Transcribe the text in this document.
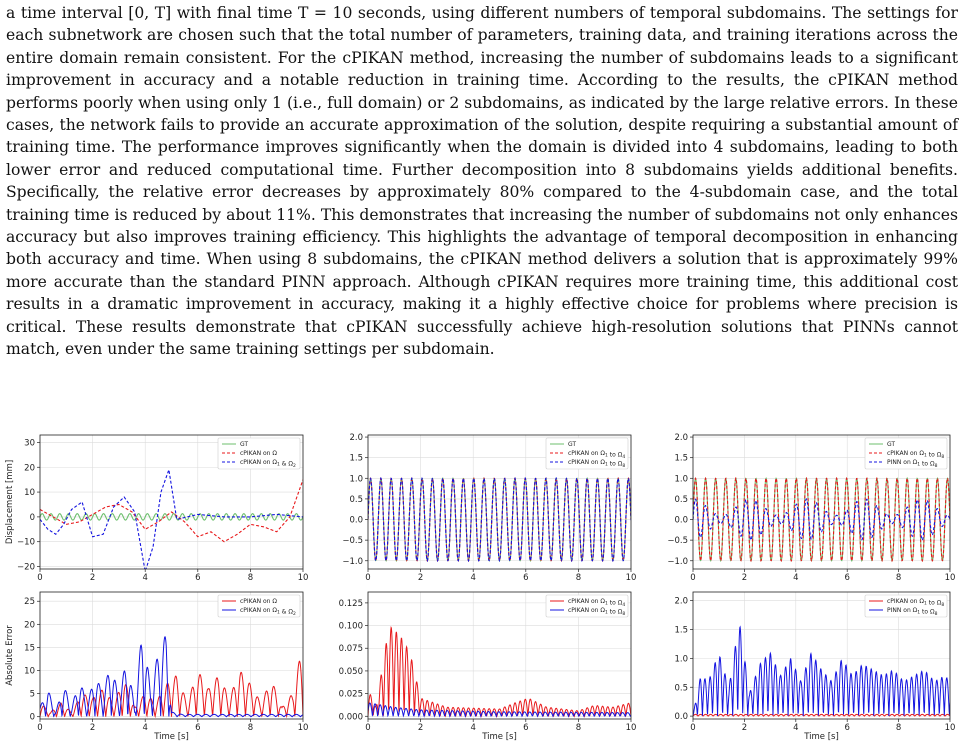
a time interval [0, T] with final time T = 10 seconds, using different numbers of temporal subdomains. The settings for each subnetwork are chosen such that the total number of parameters, training data, and training iterations across the entire domain remain consistent. For the cPIKAN method, increasing the number of subdomains leads to a significant improvement in accuracy and a notable reduction in training time. According to the results, the cPIKAN method performs poorly when using only 1 (i.e., full domain) or 2 subdomains, as indicated by the large relative errors. In these cases, the network fails to provide an accurate approximation of the solution, despite requiring a substantial amount of training time. The performance improves significantly when the domain is divided into 4 subdomains, leading to both lower error and reduced computational time. Further decomposition into 8 subdomains yields additional benefits. Specifically, the relative error decreases by approximately 80% compared to the 4-subdomain case, and the total training time is reduced by about 11%. This demonstrates that increasing the number of subdomains not only enhances accuracy but also improves training efficiency. This highlights the advantage of temporal decomposition in enhancing both accuracy and time. When using 8 subdomains, the cPIKAN method delivers a solution that is approximately 99% more accurate than the standard PINN approach. Although cPIKAN requires more training time, this additional cost results in a dramatic improvement in accuracy, making it a highly effective choice for problems where precision is critical. These results demonstrate that cPIKAN successfully achieve high-resolution solutions that PINNs cannot match, even under the same training settings per subdomain.

0	2	4	6	8	10
−20
−10
0
10
20
30
Displacement [mm]
GT
cPIKAN on Ω
cPIKAN on $\Omega_1$ & $\Omega_2$
0	2	4	6	8	10
−1.0
−0.5
0.0
0.5
1.0
1.5
2.0
GT
cPIKAN on $\Omega_1$ to $\Omega_4$
cPIKAN on $\Omega_1$ to $\Omega_8$
0	2	4	6	8	10
−1.0
−0.5
0.0
0.5
1.0
1.5
2.0
GT
cPIKAN on $\Omega_1$ to $\Omega_8$
PINN on $\Omega_1$ to $\Omega_8$
0	2	4	6	8	10
0
5
10
15
20
25
Time [s]
Absolute Error
cPIKAN on Ω
cPIKAN on $\Omega_1$ & $\Omega_2$
0	2	4	6	8	10
0.000
0.025
0.050
0.075
0.100
0.125
Time [s]
cPIKAN on $\Omega_1$ to $\Omega_4$
cPIKAN on $\Omega_1$ to $\Omega_8$
0	2	4	6	8	10
0.0
0.5
1.0
1.5
2.0
Time [s]
cPIKAN on $\Omega_1$ to $\Omega_8$
PINN on $\Omega_1$ to $\Omega_8$
